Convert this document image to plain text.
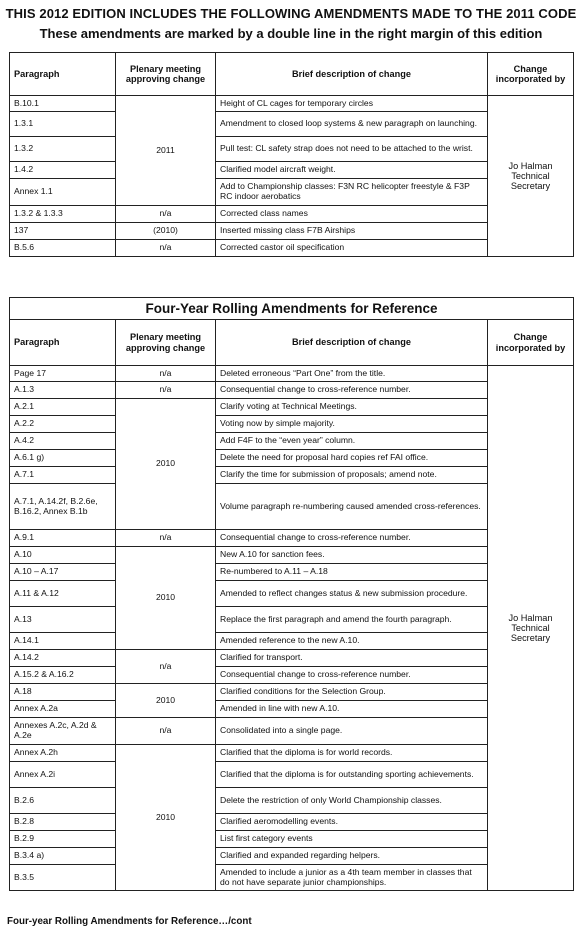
THIS 2012 EDITION INCLUDES THE FOLLOWING AMENDMENTS MADE TO THE 2011 CODE
These amendments are marked by a double line in the right margin of this edition
Paragraph	Plenary meeting approving change	Brief description of change	Change incorporated by
B.10.1	2011	Height of CL cages for temporary circles	Jo Halman Technical Secretary
1.3.1		Amendment to closed loop systems & new paragraph on launching.	
1.3.2		Pull test: CL safety strap does not need to be attached to the wrist.	
1.4.2		Clarified model aircraft weight.	
Annex 1.1		Add to Championship classes: F3N RC helicopter freestyle & F3P RC indoor aerobatics	
1.3.2 & 1.3.3	n/a	Corrected class names	
137	(2010)	Inserted missing class F7B Airships	
B.5.6	n/a	Corrected castor oil specification	
Four-Year Rolling Amendments for Reference			
Paragraph	Plenary meeting approving change	Brief description of change	Change incorporated by
Page 17	n/a	Deleted erroneous “Part One” from the title.	Jo Halman Technical Secretary
A.1.3	n/a	Consequential change to cross-reference number.	
A.2.1	2010	Clarify voting at Technical Meetings.	
A.2.2		Voting now by simple majority.	
A.4.2		Add F4F to the “even year” column.	
A.6.1 g)		Delete the need for proposal hard copies ref FAI office.	
A.7.1		Clarify the time for submission of proposals; amend note.	
A.7.1, A.14.2f, B.2.6e, B.16.2, Annex B.1b		Volume paragraph re-numbering caused amended cross-references.	
A.9.1	n/a	Consequential change to cross-reference number.	
A.10	2010	New A.10 for sanction fees.	
A.10 – A.17		Re-numbered to A.11 – A.18	
A.11 & A.12		Amended to reflect changes status & new submission procedure.	
A.13		Replace the first paragraph and amend the fourth paragraph.	
A.14.1		Amended reference to the new A.10.	
A.14.2	n/a	Clarified for transport.	
A.15.2 & A.16.2		Consequential change to cross-reference number.	
A.18	2010	Clarified conditions for the Selection Group.	
Annex A.2a		Amended in line with new A.10.	
Annexes A.2c, A.2d & A.2e	n/a	Consolidated into a single page.	
Annex A.2h	2010	Clarified that the diploma is for world records.	
Annex A.2i		Clarified that the diploma is for outstanding sporting achievements.	
B.2.6		Delete the restriction of only World Championship classes.	
B.2.8		Clarified aeromodelling events.	
B.2.9		List first category events	
B.3.4 a)		Clarified and expanded regarding helpers.	
B.3.5		Amended to include a junior as a 4th team member in classes that do not have separate junior championships.	
Four-year Rolling Amendments for Reference…/cont
